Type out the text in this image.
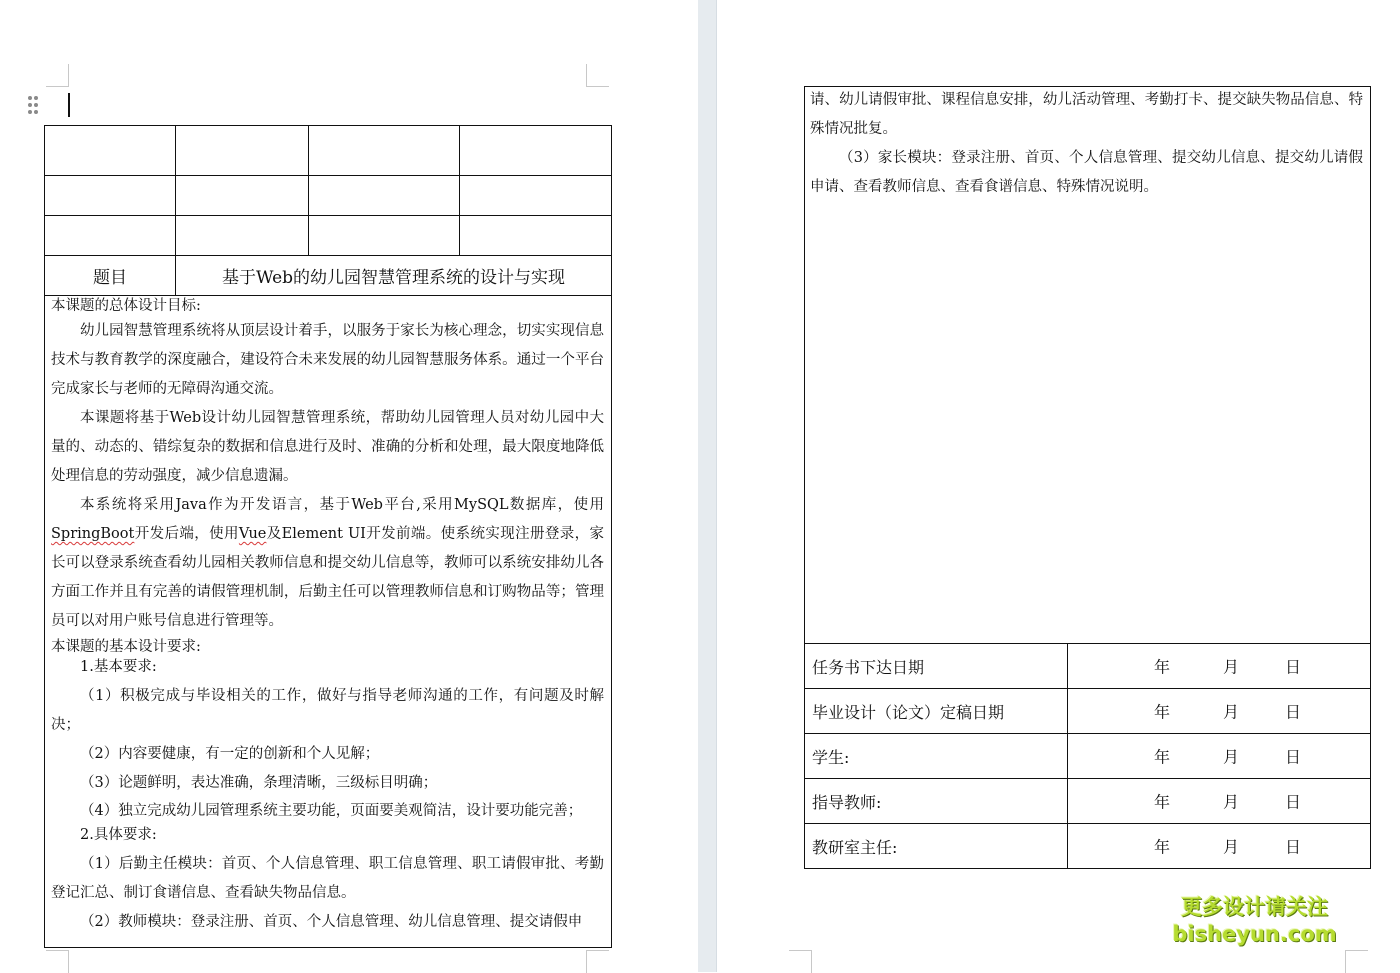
题目	基于Web的幼儿园智慧管理系统的设计与实现		

本课题的总体设计目标:

幼儿园智慧管理系统将从顶层设计着手，以服务于家长为核心理念，切实实现信息技术与教育教学的深度融合，建设符合未来发展的幼儿园智慧服务体系。通过一个平台完成家长与老师的无障碍沟通交流。

本课题将基于Web设计幼儿园智慧管理系统，帮助幼儿园管理人员对幼儿园中大量的、动态的、错综复杂的数据和信息进行及时、准确的分析和处理，最大限度地降低处理信息的劳动强度，减少信息遗漏。

本系统将采用Java作为开发语言，基于Web平台,采用MySQL数据库，使用SpringBoot开发后端，使用Vue及Element UI开发前端。使系统实现注册登录，家长可以登录系统查看幼儿园相关教师信息和提交幼儿信息等，教师可以系统安排幼儿各方面工作并且有完善的请假管理机制，后勤主任可以管理教师信息和订购物品等；管理员可以对用户账号信息进行管理等。

本课题的基本设计要求:

1.基本要求:

（1）积极完成与毕设相关的工作，做好与指导老师沟通的工作，有问题及时解决；

（2）内容要健康，有一定的创新和个人见解；

（3）论题鲜明，表达准确，条理清晰，三级标目明确；

（4）独立完成幼儿园管理系统主要功能，页面要美观简洁，设计要功能完善；

2.具体要求:

（1）后勤主任模块：首页、个人信息管理、职工信息管理、职工请假审批、考勤登记汇总、制订食谱信息、查看缺失物品信息。

（2）教师模块：登录注册、首页、个人信息管理、幼儿信息管理、提交请假申

任务书下达日期	年 月 日

毕业设计（论文）定稿日期	年 月 日

学生:	年 月 日

指导教师:	年 月 日

教研室主任:	年 月 日

请、幼儿请假审批、课程信息安排，幼儿活动管理、考勤打卡、提交缺失物品信息、特殊情况批复。

（3）家长模块：登录注册、首页、个人信息管理、提交幼儿信息、提交幼儿请假申请、查看教师信息、查看食谱信息、特殊情况说明。

更多设计请关注
bisheyun.com
